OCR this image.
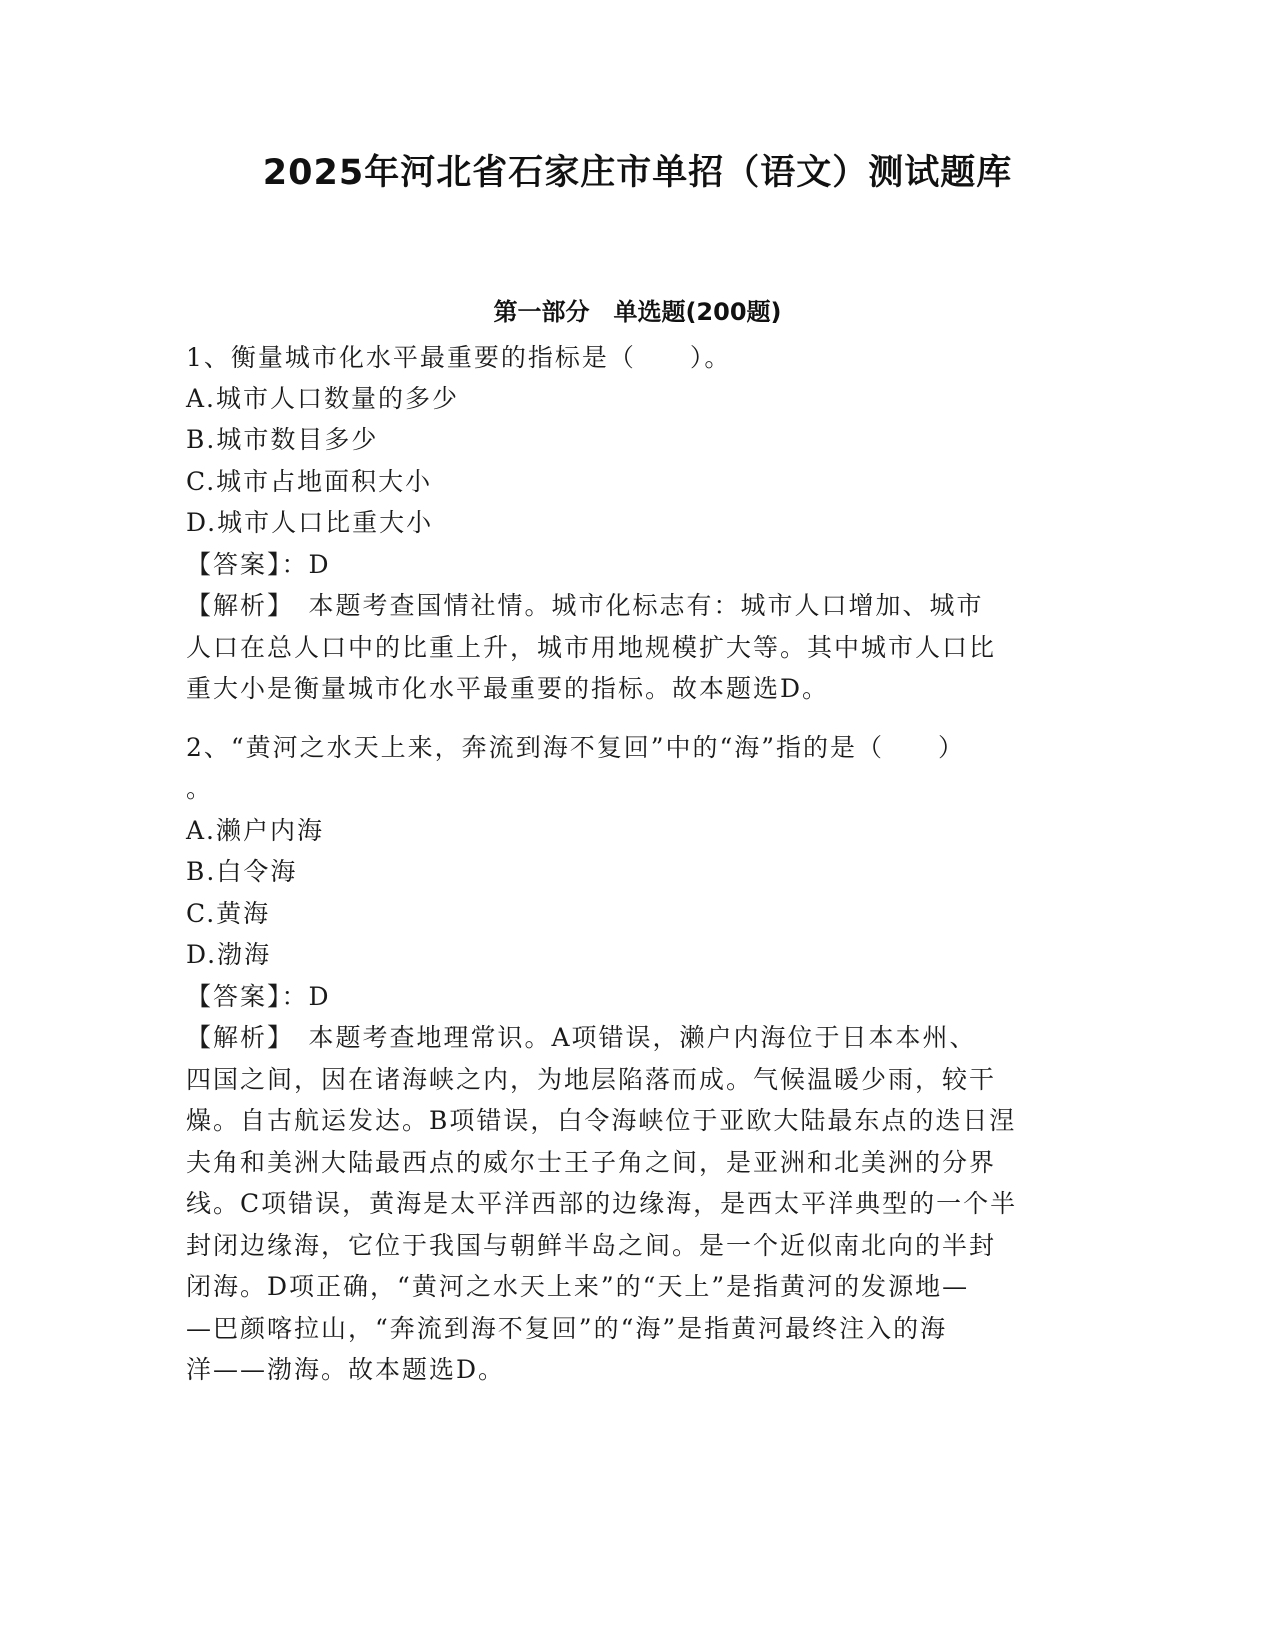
2025年河北省石家庄市单招（语文）测试题库
第一部分　单选题(200题)
1、衡量城市化水平最重要的指标是（　　）。
A.城市人口数量的多少
B.城市数目多少
C.城市占地面积大小
D.城市人口比重大小
【答案】：D
【解析】　本题考查国情社情。城市化标志有：城市人口增加、城市
人口在总人口中的比重上升，城市用地规模扩大等。其中城市人口比
重大小是衡量城市化水平最重要的指标。故本题选D。
2、“黄河之水天上来，奔流到海不复回”中的“海”指的是（　　）
。
A.濑户内海
B.白令海
C.黄海
D.渤海
【答案】：D
【解析】　本题考查地理常识。A项错误，濑户内海位于日本本州、
四国之间，因在诸海峡之内，为地层陷落而成。气候温暖少雨，较干
燥。自古航运发达。B项错误，白令海峡位于亚欧大陆最东点的迭日涅
夫角和美洲大陆最西点的威尔士王子角之间，是亚洲和北美洲的分界
线。C项错误，黄海是太平洋西部的边缘海，是西太平洋典型的一个半
封闭边缘海，它位于我国与朝鲜半岛之间。是一个近似南北向的半封
闭海。D项正确，“黄河之水天上来”的“天上”是指黄河的发源地—
—巴颜喀拉山，“奔流到海不复回”的“海”是指黄河最终注入的海
洋——渤海。故本题选D。
